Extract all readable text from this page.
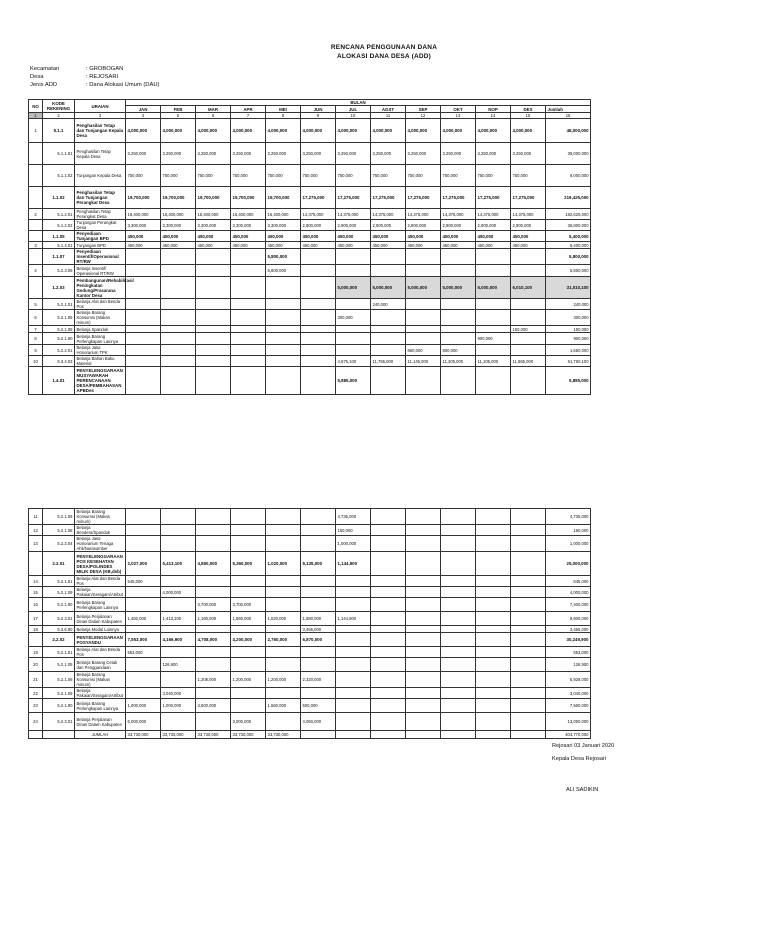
RENCANA PENGGUNAAN DANA
ALOKASI DANA DESA (ADD)
Kecamatan	: GROBOGAN
Desa	: REJOSARI
Jenis ADD	: Dana Alokasi Umum (DAU)
NO	KODE REKENING	URAIAN	BULAN												
			JAN	FEB	MAR	APR	MEI	JUN	JUL	AGST	SEP	OKT	NOP	DES	Jumlah
1	2	3	4	5	6	7	8	9	10	11	12	13	14	15	16
1	5.1.1	Penghasilan Tetap dan Tunjangan Kepala Desa	4,000,000	4,000,000	4,000,000	4,000,000	4,000,000	4,000,000	4,000,000	4,000,000	4,000,000	4,000,000	4,000,000	4,000,000	48,000,000
	5.1.1.01	Penghasilan Tetap Kepala Desa	3,250,000	3,250,000	3,250,000	3,250,000	3,250,000	3,250,000	3,250,000	3,250,000	3,250,000	3,250,000	3,250,000	3,250,000	39,000,000
	5.1.1.02	Tunjangan Kepala Desa	750,000	750,000	750,000	750,000	750,000	750,000	750,000	750,000	750,000	750,000	750,000	750,000	9,000,000
	1.1.02	Penghasilan Tetap dan Tunjangan Perangkat Desa	19,700,000	19,700,000	19,700,000	19,700,000	19,700,000	17,275,000	17,275,000	17,275,000	17,275,000	17,275,000	17,275,000	17,275,000	219,425,000
2	5.1.2.01	Penghasilan Tetap Perangkat Desa	16,400,000	16,400,000	16,400,000	16,400,000	16,400,000	14,375,000	14,375,000	14,375,000	14,375,000	14,375,000	14,375,000	14,375,000	182,625,000
	5.1.2.02	Tunjangan Perangkat Desa	3,300,000	3,300,000	3,300,000	3,300,000	3,300,000	2,900,000	2,900,000	2,900,000	2,900,000	2,900,000	2,900,000	2,900,000	36,800,000
	1.1.05	Penyediaan Tunjangan BPD	450,000	450,000	450,000	450,000	450,000	450,000	450,000	450,000	450,000	450,000	450,000	450,000	5,400,000
3	5.1.4.01	Tunjangan BPD	450,000	450,000	450,000	450,000	450,000	450,000	450,000	450,000	450,000	450,000	450,000	450,000	5,400,000
	1.1.07	Penyediaan Insentif/Operasional RT/RW					5,800,000								5,800,000
4	5.2.3.06	Belanja Insentif/ Operasional RT/RW					5,800,000								5,800,000
	1.2.03	Pembangunan/Rehabilitasi/ Peningkatan Gedung/Prasarana Kantor Desa							5,000,000	5,000,000	5,000,000	5,000,000	5,000,000	6,010,100	31,010,100
5	5.2.1.01	Belanja Alat dan Benda Pos								240,000					240,000
6	5.2.1.06	Belanja Barang Konsumsi (Makan minum)							300,000						300,000
7	5.2.1.08	Belanja Spanduk												150,000	150,000
8	5.2.1.90	Belanja Barang Perlengkapan Lainnya											900,000		900,000
9	5.2.2.01	Belanja Jasa Honorarium TPK									860,000	800,000			1,660,000
10	5.3.4.03	Belanja Bahan Baku Material							4,675,100	11,765,000	11,145,000	11,305,000	11,105,000	11,865,000	61,760,100
	1.4.01	PENYELENGGARAAN MUSYAWARAH PERENCANAAN DESA/PEMBAHASAN APBDes							5,885,000						5,885,000
11	5.2.1.06	Belanja Barang Konsumsi (Makan minum)							4,735,000						4,735,000
12	5.2.1.08	Belanja Bendera/Spanduk							150,000						150,000
13	5.2.2.04	Belanja Jasa Honorarium Tenaga Ahli/Narasumber							1,000,000						1,000,000
	2.2.01	PENYELENGGARAAN POS KESEHATAN DESA/POLINDES MILIK DESA (KB,dsb)	2,027,000	5,413,100	4,860,000	5,360,000	1,020,000	5,135,000	1,144,900						25,000,000
14	5.2.1.01	Belanja Alat dan Benda Pos	545,000												545,000
15	5.2.1.09	Belanja Pakaian/Seragam/Atribut		4,000,000											4,000,000
16	5.2.1.90	Belanja Barang Perlengkapan Lainnya			3,700,000	3,700,000									7,400,000
17	5.2.3.01	Belanja Perjalanan Dinas Dalam Kabupaten	1,482,000	1,413,100	1,160,000	1,660,000	1,020,000	1,680,000	1,144,900						9,600,000
18	5.3.6.90	Belanja Modal Lainnya						3,455,000							3,455,000
	2.2.02	PENYELENGGARAAN POSYANDU	7,553,000	4,166,900	4,708,000	4,200,000	2,760,000	6,870,000							30,249,900
19	5.2.1.01	Belanja Alat dan Benda Pos	553,000												553,000
20	5.2.1.05	Belanja Barang Cetak dan Penggandaan		126,900											126,900
21	5.2.1.06	Belanja Barang Konsumsi (Makan minum)			1,208,000	1,200,000	1,200,000	2,320,000							5,928,000
22	5.2.1.09	Belanja Pakaian/Seragam/Atribut		3,040,000											3,040,000
23	5.2.1.90	Belanja Barang Perlengkapan Lainnya	1,000,000	1,000,000	3,500,000		1,560,000	500,000							7,560,000
24	5.2.3.01	Belanja Perjalanan Dinas Dalam Kabupaten	6,000,000			3,000,000		4,050,000							13,050,000
		JUMLAH	33,730,000	33,730,000	33,730,000	33,730,000	33,730,000								404,770,000
Rejosari 03 Januari 2020
Kepala Desa Rejosari
ALI SADIKIN
